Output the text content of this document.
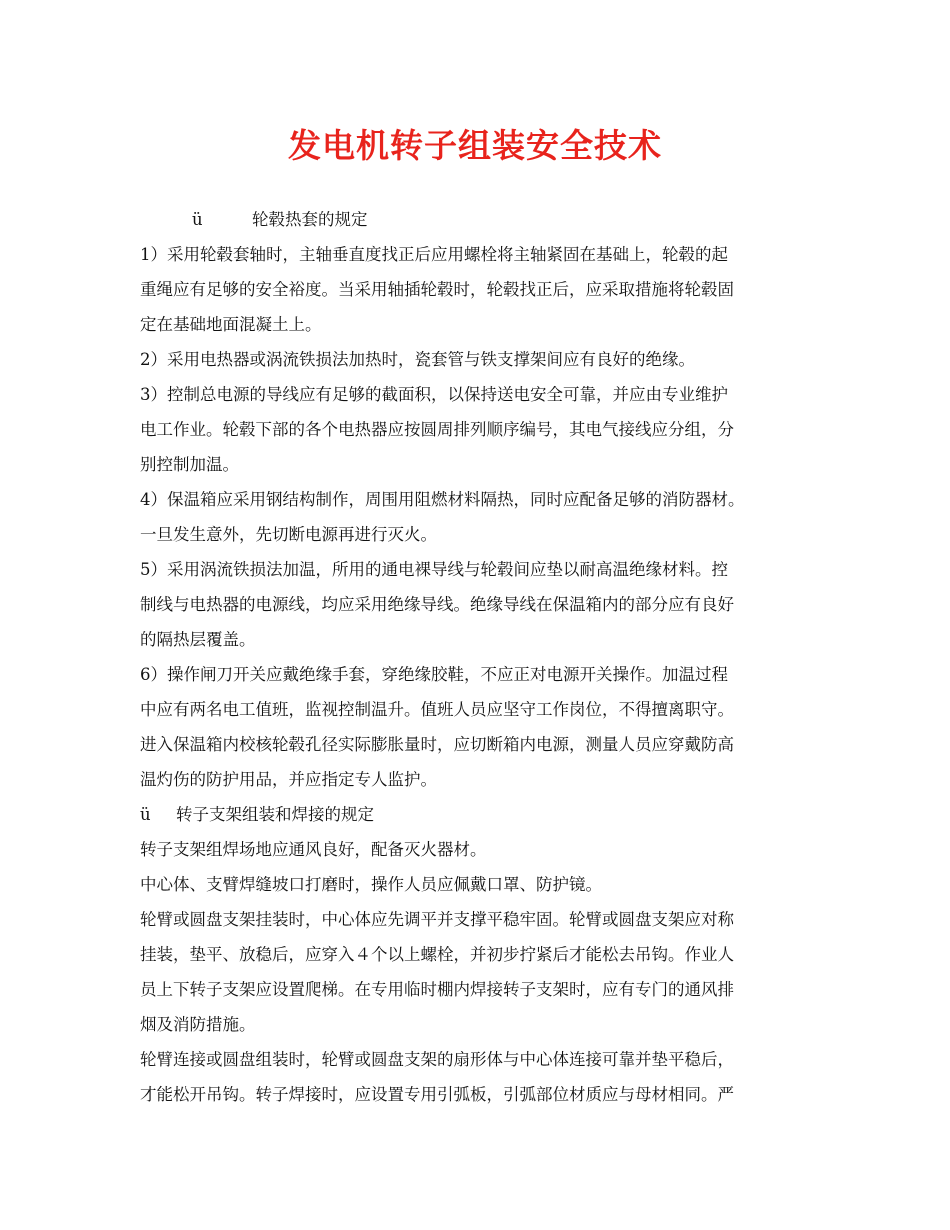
发电机转子组装安全技术
ü	轮毂热套的规定
1）采用轮毂套轴时，主轴垂直度找正后应用螺栓将主轴紧固在基础上，轮毂的起
重绳应有足够的安全裕度。当采用轴插轮毂时，轮毂找正后，应采取措施将轮毂固
定在基础地面混凝土上。
2）采用电热器或涡流铁损法加热时，瓷套管与铁支撑架间应有良好的绝缘。
3）控制总电源的导线应有足够的截面积，以保持送电安全可靠，并应由专业维护
电工作业。轮毂下部的各个电热器应按圆周排列顺序编号，其电气接线应分组，分
别控制加温。
4）保温箱应采用钢结构制作，周围用阻燃材料隔热，同时应配备足够的消防器材。
一旦发生意外，先切断电源再进行灭火。
5）采用涡流铁损法加温，所用的通电裸导线与轮毂间应垫以耐高温绝缘材料。控
制线与电热器的电源线，均应采用绝缘导线。绝缘导线在保温箱内的部分应有良好
的隔热层覆盖。
6）操作闸刀开关应戴绝缘手套，穿绝缘胶鞋，不应正对电源开关操作。加温过程
中应有两名电工值班，监视控制温升。值班人员应坚守工作岗位，不得擅离职守。
进入保温箱内校核轮毂孔径实际膨胀量时，应切断箱内电源，测量人员应穿戴防高
温灼伤的防护用品，并应指定专人监护。
ü	转子支架组装和焊接的规定
转子支架组焊场地应通风良好，配备灭火器材。
中心体、支臂焊缝坡口打磨时，操作人员应佩戴口罩、防护镜。
轮臂或圆盘支架挂装时，中心体应先调平并支撑平稳牢固。轮臂或圆盘支架应对称
挂装，垫平、放稳后，应穿入４个以上螺栓，并初步拧紧后才能松去吊钩。作业人
员上下转子支架应设置爬梯。在专用临时棚内焊接转子支架时，应有专门的通风排
烟及消防措施。
轮臂连接或圆盘组装时，轮臂或圆盘支架的扇形体与中心体连接可靠并垫平稳后，
才能松开吊钩。转子焊接时，应设置专用引弧板，引弧部位材质应与母材相同。严
